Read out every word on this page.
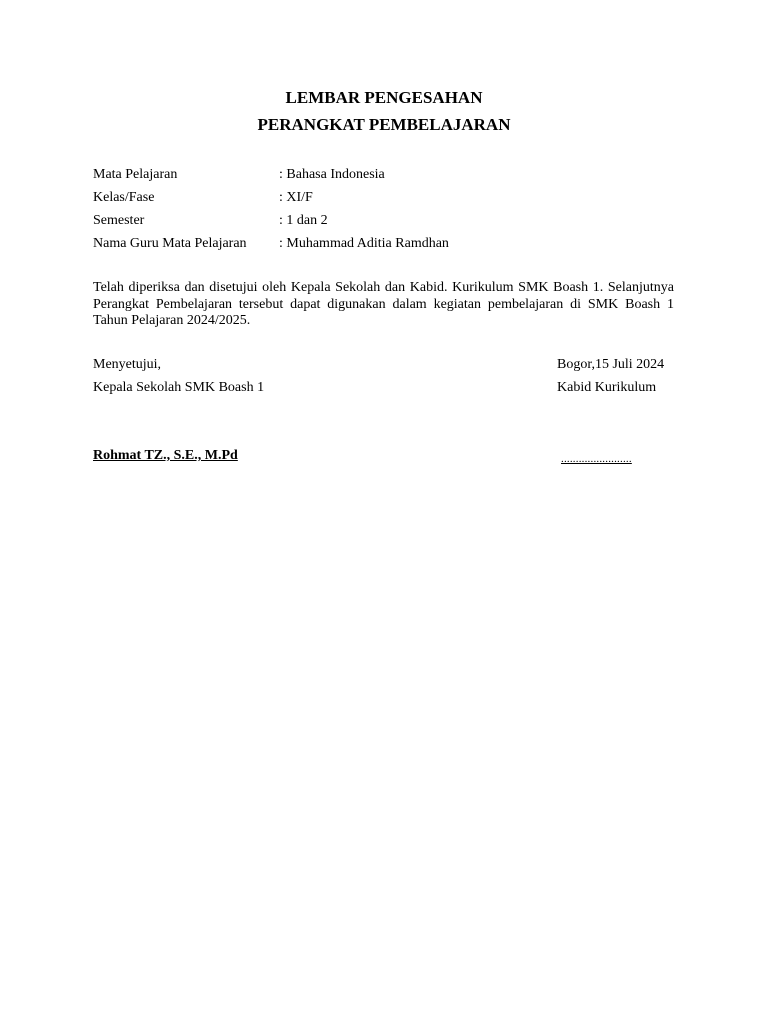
LEMBAR PENGESAHAN
PERANGKAT PEMBELAJARAN
Mata Pelajaran	: Bahasa Indonesia
Kelas/Fase	: XI/F
Semester	: 1 dan 2
Nama Guru Mata Pelajaran : Muhammad Aditia Ramdhan
Telah diperiksa dan disetujui oleh Kepala Sekolah dan Kabid. Kurikulum SMK Boash 1. Selanjutnya Perangkat Pembelajaran tersebut dapat digunakan dalam kegiatan pembelajaran di SMK Boash 1 Tahun Pelajaran 2024/2025.
Menyetujui,
Kepala Sekolah SMK Boash 1
Rohmat TZ., S.E., M.Pd
Bogor,15 Juli 2024
Kabid Kurikulum
........................
